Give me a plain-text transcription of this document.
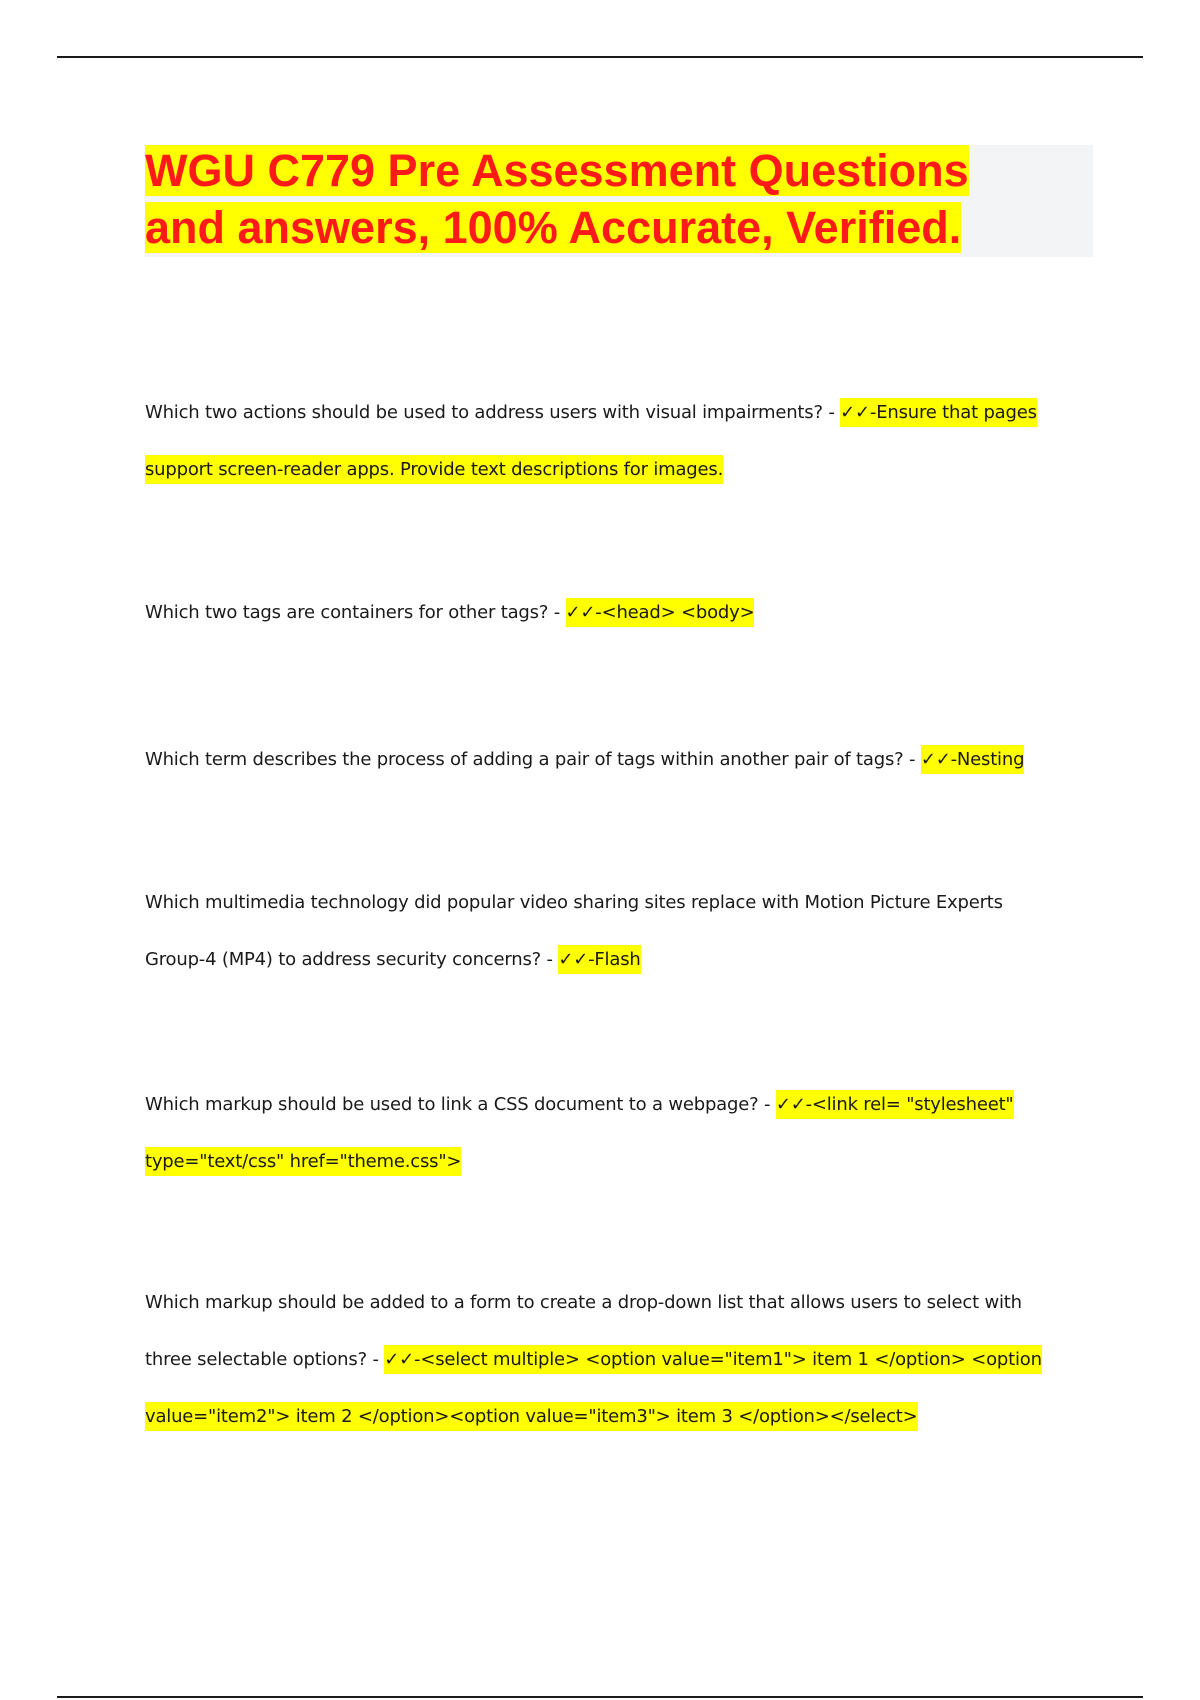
WGU C779 Pre Assessment Questions and answers, 100% Accurate, Verified.

Which two actions should be used to address users with visual impairments? - ✓✓-Ensure that pages support screen-reader apps. Provide text descriptions for images.

Which two tags are containers for other tags? - ✓✓-<head> <body>

Which term describes the process of adding a pair of tags within another pair of tags? - ✓✓-Nesting

Which multimedia technology did popular video sharing sites replace with Motion Picture Experts Group-4 (MP4) to address security concerns? - ✓✓-Flash

Which markup should be used to link a CSS document to a webpage? - ✓✓-<link rel= "stylesheet" type="text/css" href="theme.css">

Which markup should be added to a form to create a drop-down list that allows users to select with three selectable options? - ✓✓-<select multiple> <option value="item1"> item 1 </option> <option value="item2"> item 2 </option><option value="item3"> item 3 </option></select>
